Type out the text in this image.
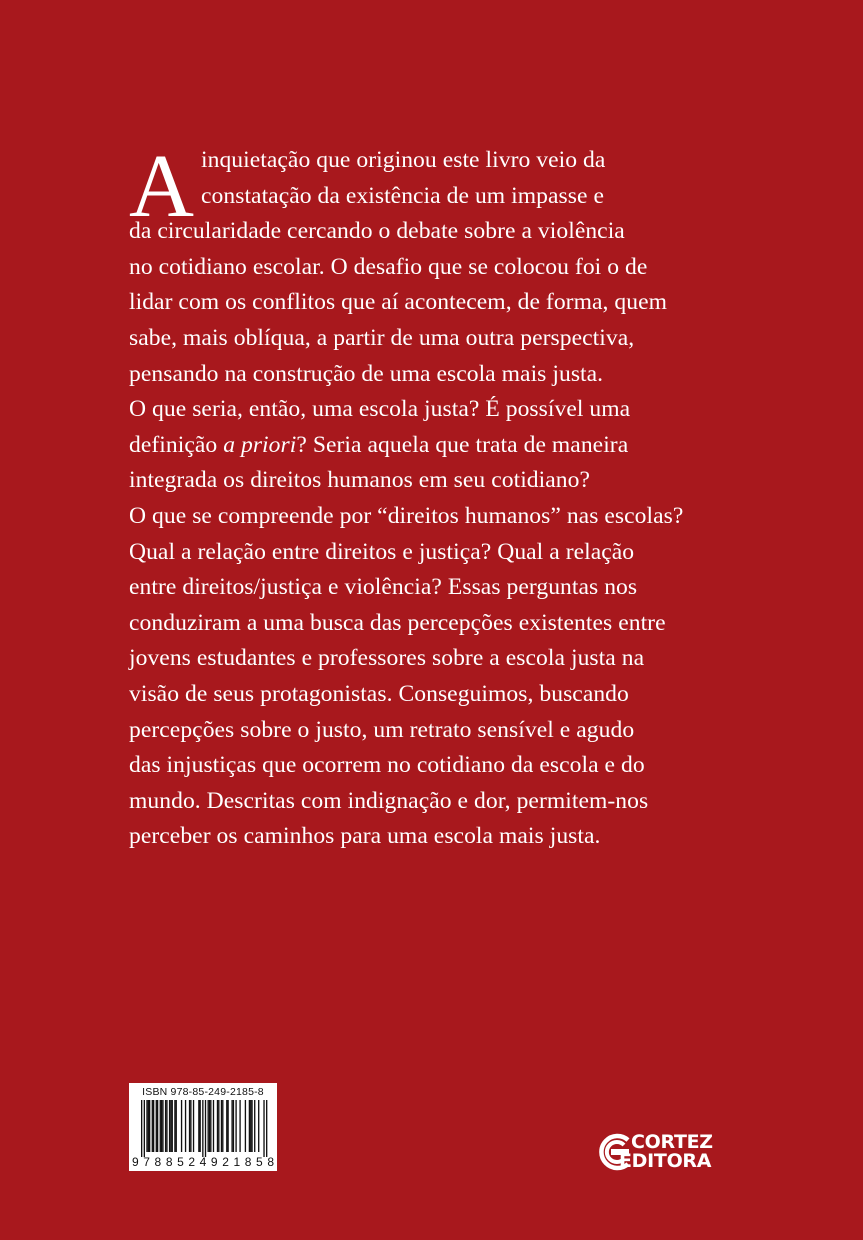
A inquietação que originou este livro veio da
constatação da existência de um impasse e
da circularidade cercando o debate sobre a violência
no cotidiano escolar. O desafio que se colocou foi o de
lidar com os conflitos que aí acontecem, de forma, quem
sabe, mais oblíqua, a partir de uma outra perspectiva,
pensando na construção de uma escola mais justa.
O que seria, então, uma escola justa? É possível uma
definição a priori? Seria aquela que trata de maneira
integrada os direitos humanos em seu cotidiano?
O que se compreende por “direitos humanos” nas escolas?
Qual a relação entre direitos e justiça? Qual a relação
entre direitos/justiça e violência? Essas perguntas nos
conduziram a uma busca das percepções existentes entre
jovens estudantes e professores sobre a escola justa na
visão de seus protagonistas. Conseguimos, buscando
percepções sobre o justo, um retrato sensível e agudo
das injustiças que ocorrem no cotidiano da escola e do
mundo. Descritas com indignação e dor, permitem-nos
perceber os caminhos para uma escola mais justa.
ISBN 978-85-249-2185-8
9788524921858
CORTEZ
EDITORA
